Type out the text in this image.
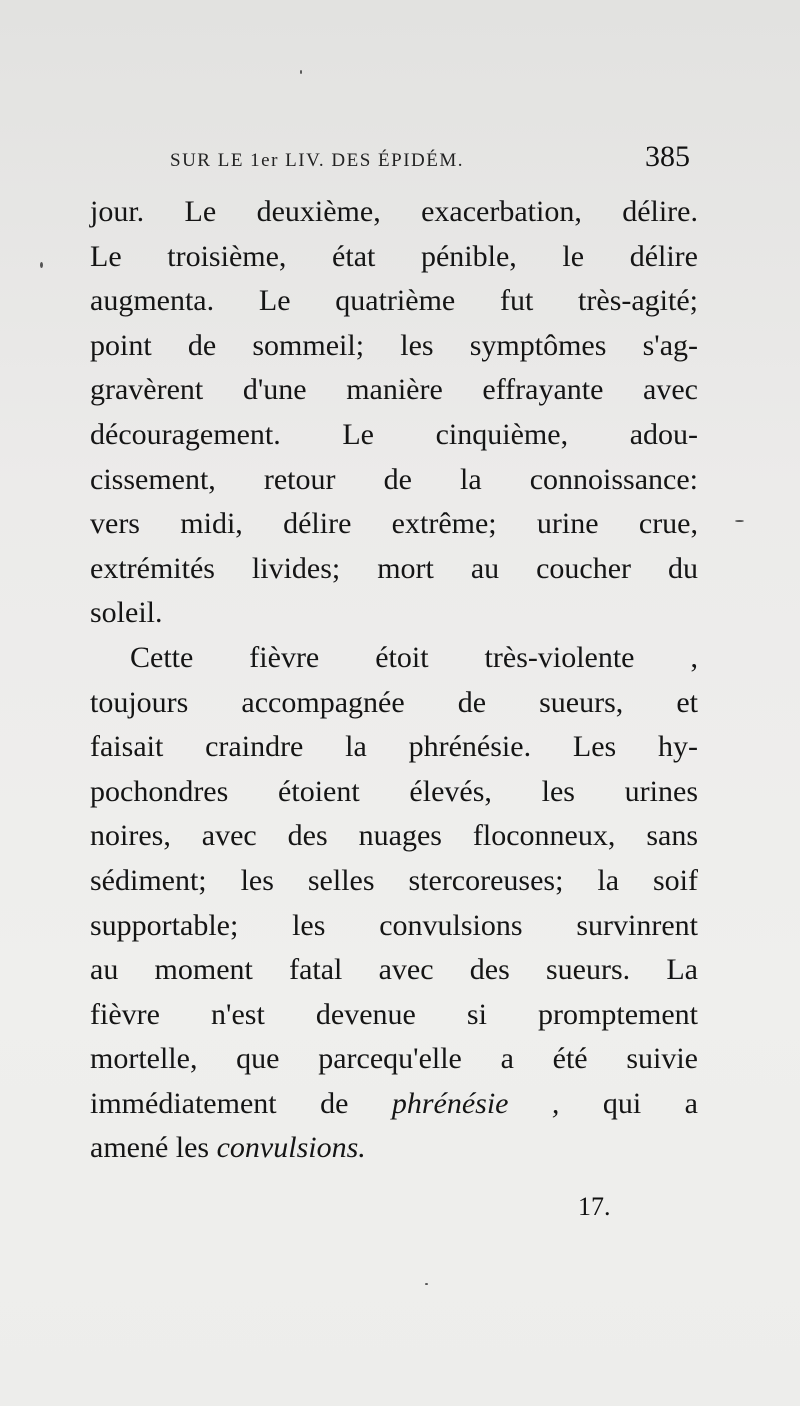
SUR LE 1er LIV. DES ÉPIDÉM.	385
jour. Le deuxième, exacerbation, délire.
Le troisième, état pénible, le délire
augmenta. Le quatrième fut très-agité;
point de sommeil; les symptômes s'ag-
gravèrent d'une manière effrayante avec
découragement. Le cinquième, adou-
cissement, retour de la connoissance:
vers midi, délire extrême; urine crue,
extrémités livides; mort au coucher du
soleil.
Cette fièvre étoit très-violente ,
toujours accompagnée de sueurs, et
faisait craindre la phrénésie. Les hy-
pochondres étoient élevés, les urines
noires, avec des nuages floconneux, sans
sédiment; les selles stercoreuses; la soif
supportable; les convulsions survinrent
au moment fatal avec des sueurs. La
fièvre n'est devenue si promptement
mortelle, que parcequ'elle a été suivie
immédiatement de phrénésie , qui a
amené les convulsions.
17.
